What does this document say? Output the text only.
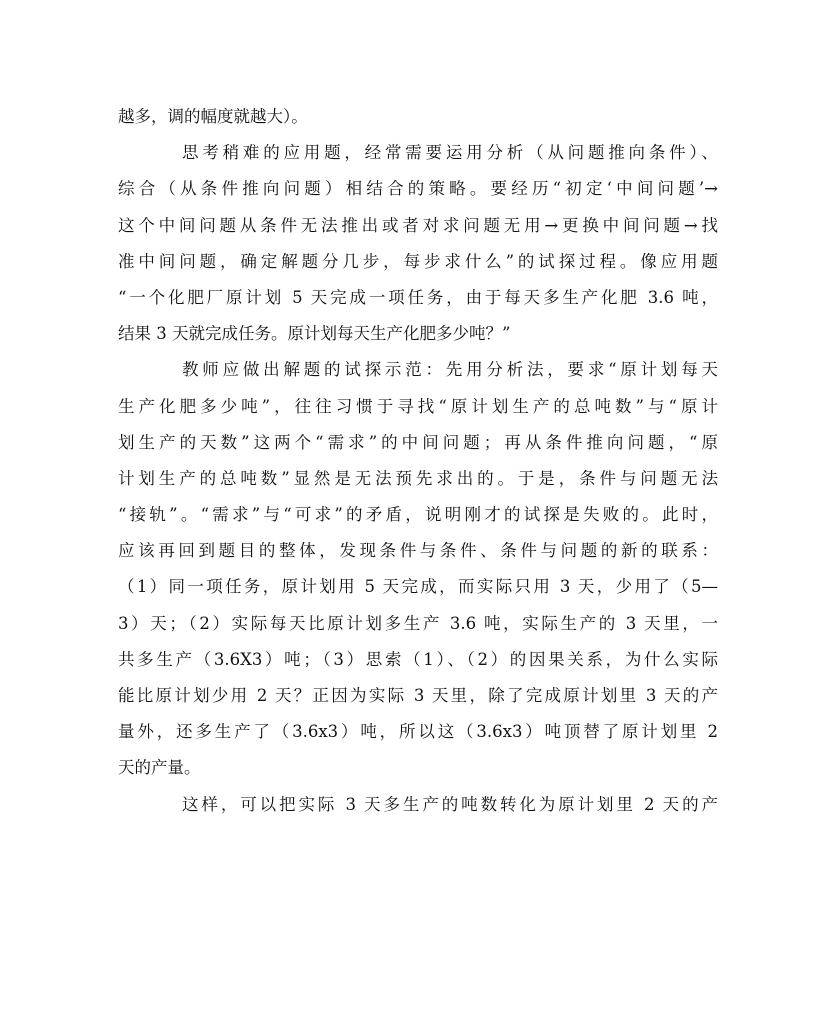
越多，调的幅度就越大）。
思考稍难的应用题，经常需要运用分析（从问题推向条件）、
综合（从条件推向问题）相结合的策略。要经历“初定‘中间问题’→
这个中间问题从条件无法推出或者对求问题无用→更换中间问题→找
准中间问题，确定解题分几步，每步求什么”的试探过程。像应用题
“一个化肥厂原计划 5 天完成一项任务，由于每天多生产化肥 3.6 吨，
结果 3 天就完成任务。原计划每天生产化肥多少吨？”
教师应做出解题的试探示范：先用分析法，要求“原计划每天
生产化肥多少吨”，往往习惯于寻找“原计划生产的总吨数”与“原计
划生产的天数”这两个“需求”的中间问题；再从条件推向问题，“原
计划生产的总吨数”显然是无法预先求出的。于是，条件与问题无法
“接轨”。“需求”与“可求”的矛盾，说明刚才的试探是失败的。此时，
应该再回到题目的整体，发现条件与条件、条件与问题的新的联系：
（1）同一项任务，原计划用 5 天完成，而实际只用 3 天，少用了（5—
3）天；（2）实际每天比原计划多生产 3.6 吨，实际生产的 3 天里，一
共多生产（3.6X3）吨；（3）思索（1）、（2）的因果关系，为什么实际
能比原计划少用 2 天？正因为实际 3 天里，除了完成原计划里 3 天的产
量外，还多生产了（3.6x3）吨，所以这（3.6x3）吨顶替了原计划里 2
天的产量。
这样，可以把实际 3 天多生产的吨数转化为原计划里 2 天的产
